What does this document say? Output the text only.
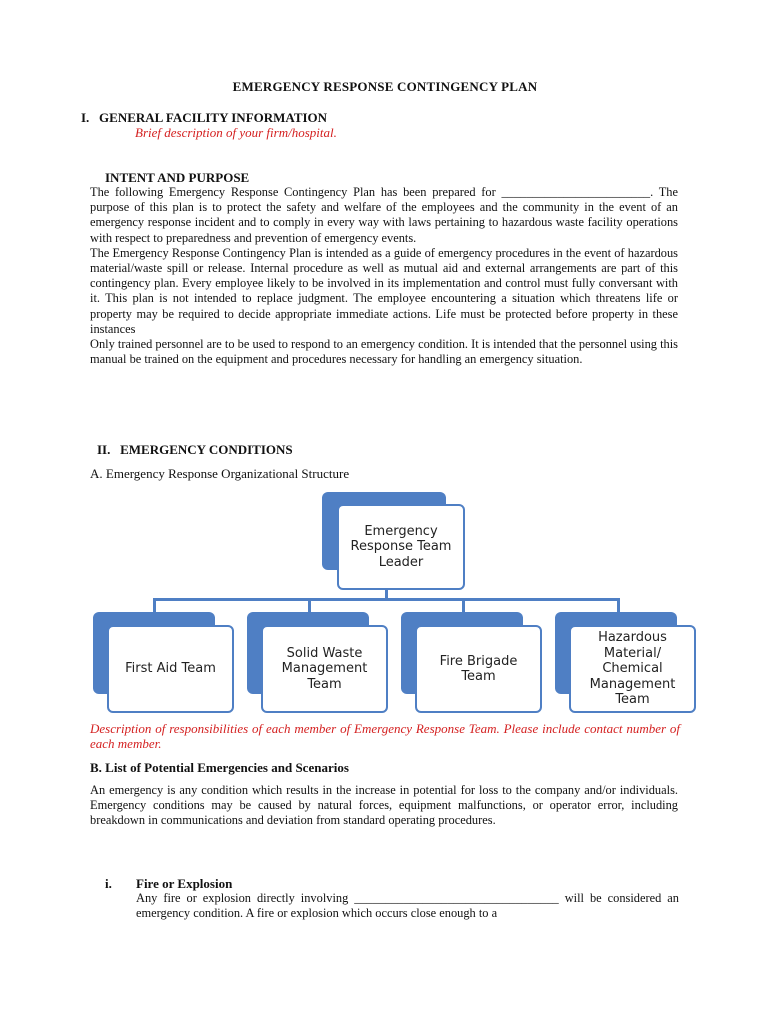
EMERGENCY RESPONSE CONTINGENCY PLAN
I.   GENERAL FACILITY INFORMATION
Brief description of your firm/hospital.
INTENT AND PURPOSE

The following Emergency Response Contingency Plan has been prepared for ________________________. The purpose of this plan is to protect the safety and welfare of the employees and the community in the event of an emergency response incident and to comply in every way with laws pertaining to hazardous waste facility operations with respect to preparedness and prevention of emergency events.

The Emergency Response Contingency Plan is intended as a guide of emergency procedures in the event of hazardous material/waste spill or release. Internal procedure as well as mutual aid and external arrangements are part of this contingency plan. Every employee likely to be involved in its implementation and control must fully conversant with it. This plan is not intended to replace judgment. The employee encountering a situation which threatens life or property may be required to decide appropriate immediate actions. Life must be protected before property in these instances

Only trained personnel are to be used to respond to an emergency condition. It is intended that the personnel using this manual be trained on the equipment and procedures necessary for handling an emergency situation.

II.   EMERGENCY CONDITIONS
A. Emergency Response Organizational Structure
Emergency Response Team Leader
First Aid Team
Solid Waste Management Team
Fire Brigade Team
Hazardous Material/ Chemical Management Team
Description of responsibilities of each member of Emergency Response Team. Please include contact number of each member.
B. List of Potential Emergencies and Scenarios
An emergency is any condition which results in the increase in potential for loss to the company and/or individuals. Emergency conditions may be caused by natural forces, equipment malfunctions, or operator error, including breakdown in communications and deviation from standard operating procedures.
i. Fire or Explosion
Any fire or explosion directly involving _________________________________ will be considered an emergency condition. A fire or explosion which occurs close enough to a
